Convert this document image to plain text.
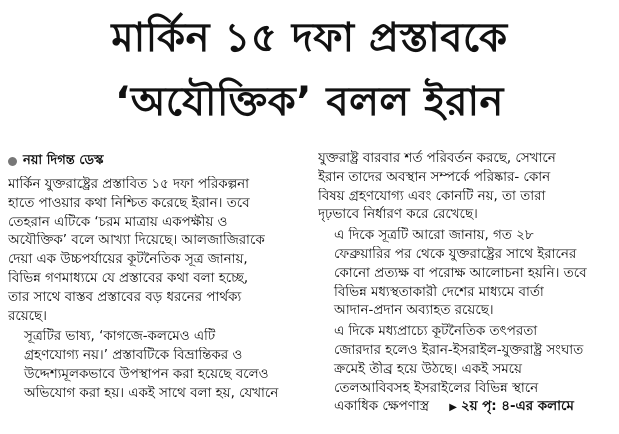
মার্কিন ১৫ দফা প্রস্তাবকে
‘অযৌক্তিক’ বলল ইরান
নয়া দিগন্ত ডেস্ক

মার্কিন যুক্তরাষ্ট্রের প্রস্তাবিত ১৫ দফা পরিকল্পনা
হাতে পাওয়ার কথা নিশ্চিত করেছে ইরান। তবে
তেহরান এটিকে ‘চরম মাত্রায় একপক্ষীয় ও
অযৌক্তিক’ বলে আখ্যা দিয়েছে। আলজাজিরাকে
দেয়া এক উচ্চপর্যায়ের কূটনৈতিক সূত্র জানায়,
বিভিন্ন গণমাধ্যমে যে প্রস্তাবের কথা বলা হচ্ছে,
তার সাথে বাস্তব প্রস্তাবের বড় ধরনের পার্থক্য
রয়েছে।

সূত্রটির ভাষ্য, ‘কাগজে-কলমেও এটি
গ্রহণযোগ্য নয়।’ প্রস্তাবটিকে বিভ্রান্তিকর ও
উদ্দেশ্যমূলকভাবে উপস্থাপন করা হয়েছে বলেও
অভিযোগ করা হয়। একই সাথে বলা হয়, যেখানে

যুক্তরাষ্ট্র বারবার শর্ত পরিবর্তন করছে, সেখানে
ইরান তাদের অবস্থান সম্পর্কে পরিষ্কার- কোন
বিষয় গ্রহণযোগ্য এবং কোনটি নয়, তা তারা
দৃঢ়ভাবে নির্ধারণ করে রেখেছে।

এ দিকে সূত্রটি আরো জানায়, গত ২৮
ফেব্রুয়ারির পর থেকে যুক্তরাষ্ট্রের সাথে ইরানের
কোনো প্রত্যক্ষ বা পরোক্ষ আলোচনা হয়নি। তবে
বিভিন্ন মধ্যস্থতাকারী দেশের মাধ্যমে বার্তা
আদান-প্রদান অব্যাহত রয়েছে।

এ দিকে মধ্যপ্রাচ্যে কূটনৈতিক তৎপরতা
জোরদার হলেও ইরান-ইসরাইল-যুক্তরাষ্ট্র সংঘাত
ক্রমেই তীব্র হয়ে উঠছে। একই সময়ে
তেলআবিবসহ ইসরাইলের বিভিন্ন স্থানে
একাধিক ক্ষেপণাস্ত্র ▶ ২য় পৃ: ৪-এর কলামে
